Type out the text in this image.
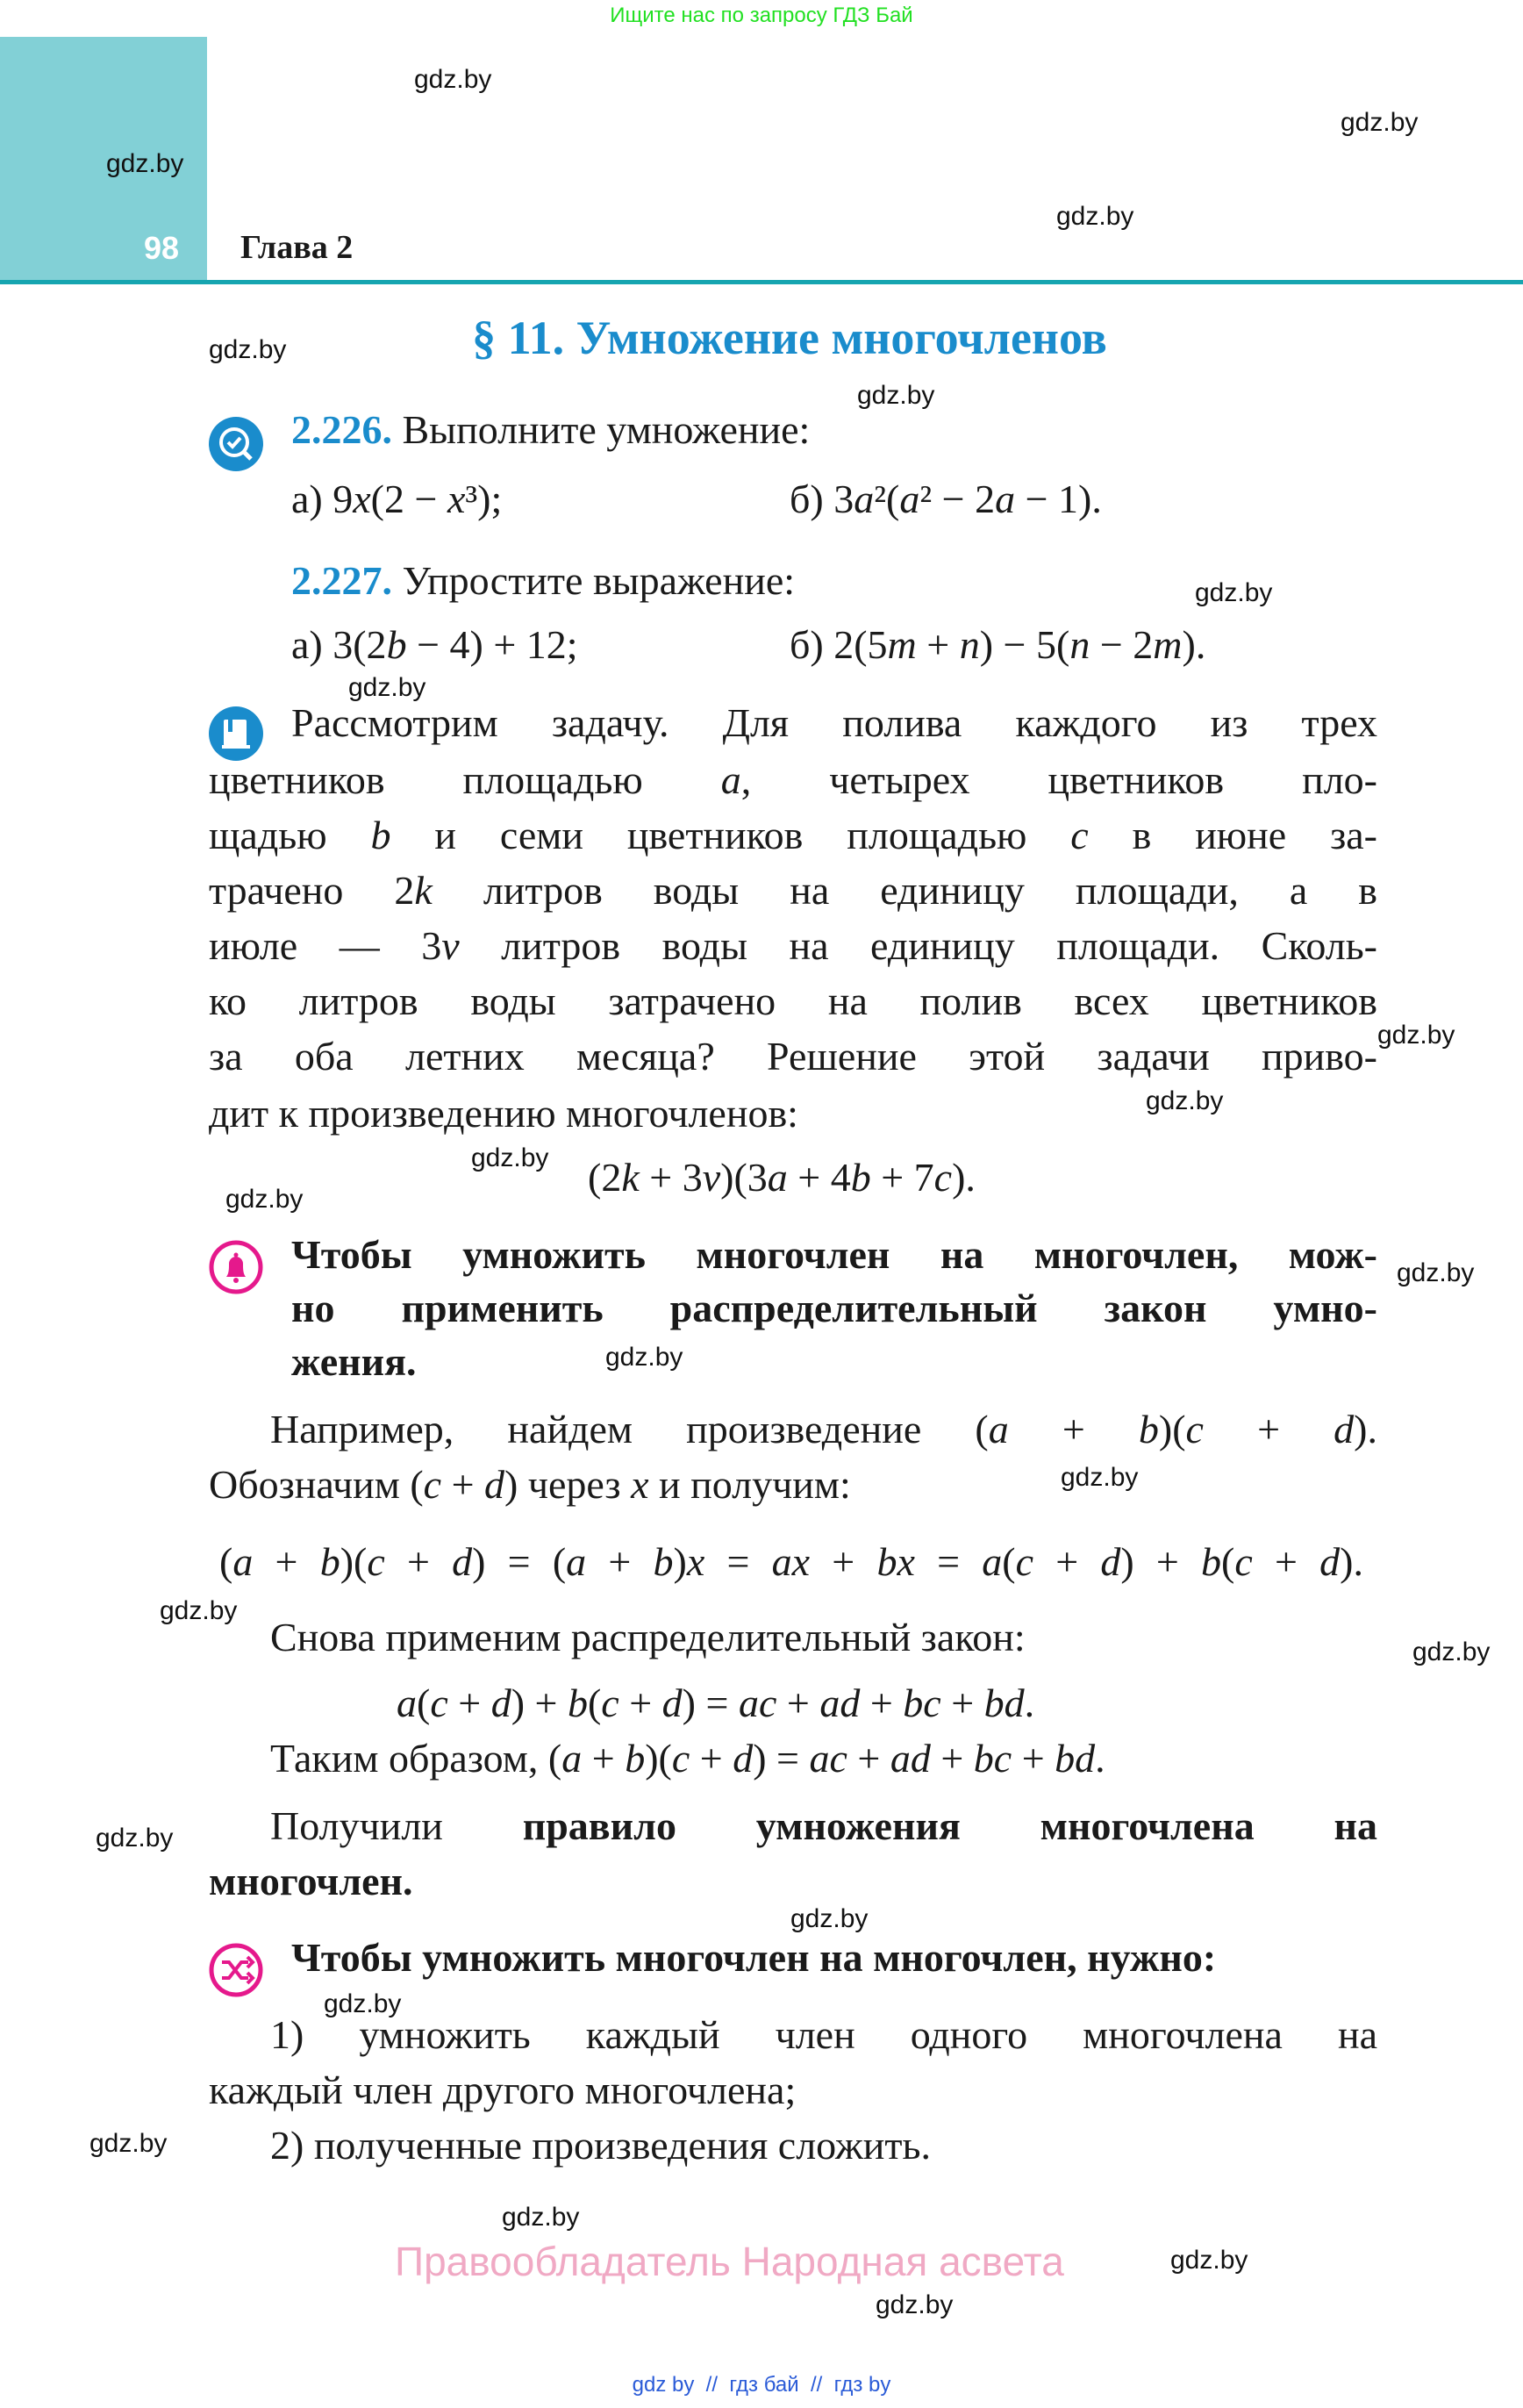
Ищите нас по запросу ГДЗ Бай
98 Глава 2
§ 11. Умножение многочленов
2.226. Выполните умножение:
а) 9x(2 − x³);	б) 3a²(a² − 2a − 1).
2.227. Упростите выражение:
а) 3(2b − 4) + 12;	б) 2(5m + n) − 5(n − 2m).
Рассмотрим задачу. Для полива каждого из трех
цветников площадью a, четырех цветников пло-
щадью b и семи цветников площадью c в июне за-
трачено 2k литров воды на единицу площади, а в
июле — 3v литров воды на единицу площади. Сколь-
ко литров воды затрачено на полив всех цветников
за оба летних месяца? Решение этой задачи приво-
дит к произведению многочленов:
(2k + 3v)(3a + 4b + 7c).
Чтобы умножить многочлен на многочлен, мож-
но применить распределительный закон умно-
жения.
Например, найдем произведение (a + b)(c + d).
Обозначим (c + d) через x и получим:
(a + b)(c + d) = (a + b)x = ax + bx = a(c + d) + b(c + d).
Снова применим распределительный закон:
a(c + d) + b(c + d) = ac + ad + bc + bd.
Таким образом, (a + b)(c + d) = ac + ad + bc + bd.
Получили правило умножения многочлена на
многочлен.
Чтобы умножить многочлен на многочлен, нужно:
1) умножить каждый член одного многочлена на
каждый член другого многочлена;
2) полученные произведения сложить.
Правообладатель Народная асвета
gdz by  //  гдз бай  //  гдз by
gdz.by
gdz.by
gdz.by
gdz.by
gdz.by
gdz.by
gdz.by
gdz.by
gdz.by
gdz.by
gdz.by
gdz.by
gdz.by
gdz.by
gdz.by
gdz.by
gdz.by
gdz.by
gdz.by
gdz.by
gdz.by
gdz.by
gdz.by
gdz.by
